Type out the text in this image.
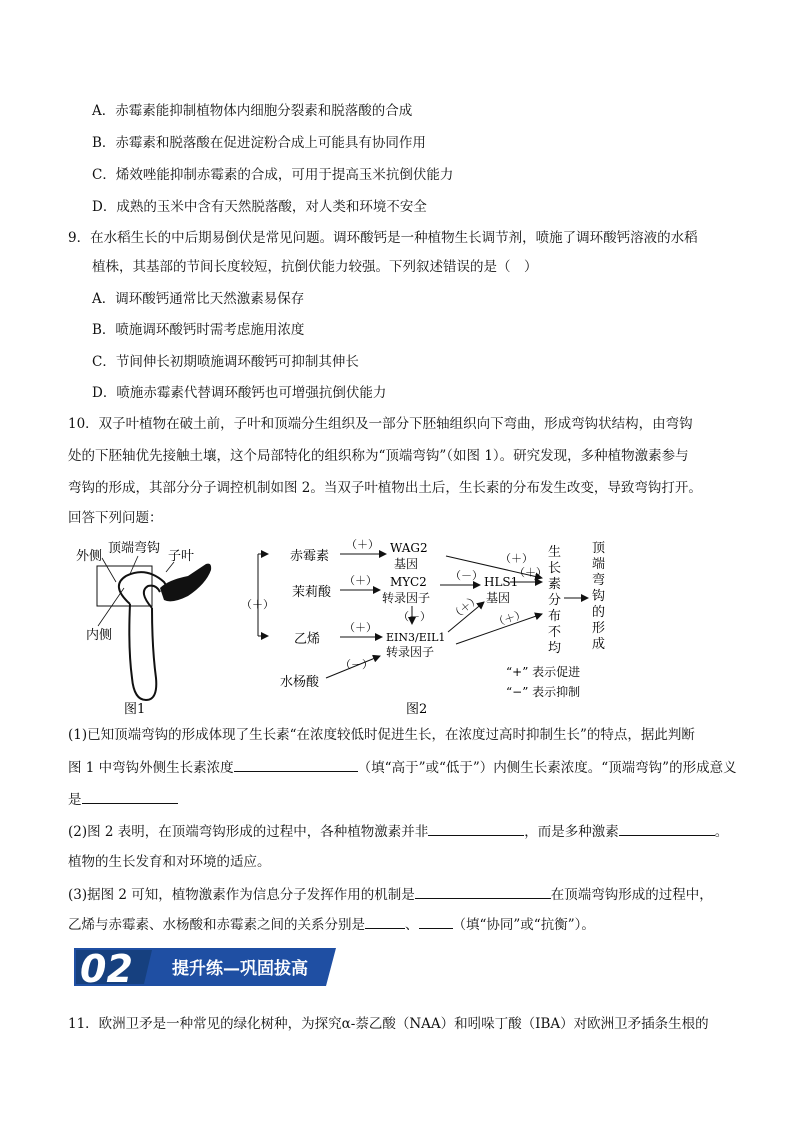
A．赤霉素能抑制植物体内细胞分裂素和脱落酸的合成
B．赤霉素和脱落酸在促进淀粉合成上可能具有协同作用
C．烯效唑能抑制赤霉素的合成，可用于提高玉米抗倒伏能力
D．成熟的玉米中含有天然脱落酸，对人类和环境不安全
9．在水稻生长的中后期易倒伏是常见问题。调环酸钙是一种植物生长调节剂，喷施了调环酸钙溶液的水稻
植株，其基部的节间长度较短，抗倒伏能力较强。下列叙述错误的是（　）
A．调环酸钙通常比天然激素易保存
B．喷施调环酸钙时需考虑施用浓度
C．节间伸长初期喷施调环酸钙可抑制其伸长
D．喷施赤霉素代替调环酸钙也可增强抗倒伏能力
10．双子叶植物在破土前，子叶和顶端分生组织及一部分下胚轴组织向下弯曲，形成弯钩状结构，由弯钩
处的下胚轴优先接触土壤，这个局部特化的组织称为“顶端弯钩”（如图 1）。研究发现，多种植物激素参与
弯钩的形成，其部分分子调控机制如图 2。当双子叶植物出土后，生长素的分布发生改变，导致弯钩打开。
回答下列问题：
外侧
顶端弯钩
子叶
内侧
图1
（＋）
赤霉素
茉莉酸
乙烯
水杨酸
WAG2
基因
MYC2
转录因子
EIN3/EIL1
转录因子
HLS1
基因
（＋）
（＋）
（＋）
（－）
（－）
（－）
（＋）
（＋）
（＋） （＋）
生
长
素
分
布
不
均
顶
端
弯
钩
的
形
成
“+” 表示促进
“−” 表示抑制
图2
(1)已知顶端弯钩的形成体现了生长素“在浓度较低时促进生长，在浓度过高时抑制生长”的特点，据此判断
图 1 中弯钩外侧生长素浓度	（填“高于”或“低于”）内侧生长素浓度。“顶端弯钩”的形成意义
是
(2)图 2 表明，在顶端弯钩形成的过程中，各种植物激素并非	，而是多种激素	。
植物的生长发育和对环境的适应。
(3)据图 2 可知，植物激素作为信息分子发挥作用的机制是	在顶端弯钩形成的过程中，
乙烯与赤霉素、水杨酸和赤霉素之间的关系分别是	、	（填“协同”或“抗衡”）。
02 提升练—巩固拔高
11．欧洲卫矛是一种常见的绿化树种，为探究α-萘乙酸（NAA）和吲哚丁酸（IBA）对欧洲卫矛插条生根的
